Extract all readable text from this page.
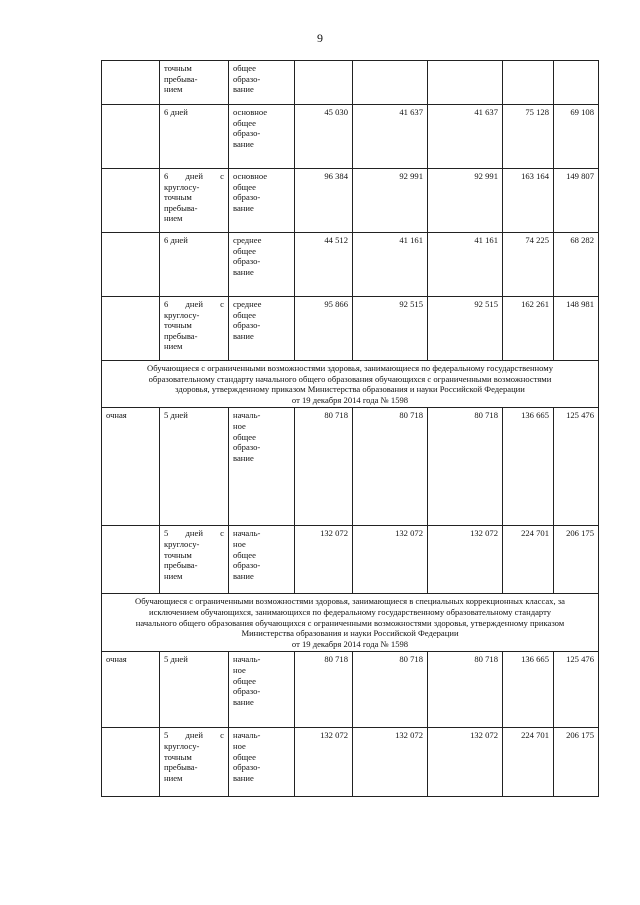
9

	точным
пребыва-
нием	общее
образо-
вание					

	6 дней	основное
общее
образо-
вание	45 030	41 637	41 637	75 128	69 108

	6 дней с
круглосу-
точным
пребыва-
нием	основное
общее
образо-
вание	96 384	92 991	92 991	163 164	149 807

	6 дней	среднее
общее
образо-
вание	44 512	41 161	41 161	74 225	68 282

	6 дней с
круглосу-
точным
пребыва-
нием	среднее
общее
образо-
вание	95 866	92 515	92 515	162 261	148 981

Обучающиеся с ограниченными возможностями здоровья, занимающиеся по федеральному государственному
образовательному стандарту начального общего образования обучающихся с ограниченными возможностями
здоровья, утвержденному приказом Министерства образования и науки Российской Федерации
от 19 декабря 2014 года № 1598							

очная	5 дней	началь-
ное
общее
образо-
вание	80 718	80 718	80 718	136 665	125 476

	5 дней с
круглосу-
точным
пребыва-
нием	началь-
ное
общее
образо-
вание	132 072	132 072	132 072	224 701	206 175

Обучающиеся с ограниченными возможностями здоровья, занимающиеся в специальных коррекционных классах, за
исключением обучающихся, занимающихся по федеральному государственному образовательному стандарту
начального общего образования обучающихся с ограниченными возможностями здоровья, утвержденному приказом
Министерства образования и науки Российской Федерации
от 19 декабря 2014 года № 1598							

очная	5 дней	началь-
ное
общее
образо-
вание	80 718	80 718	80 718	136 665	125 476

	5 дней с
круглосу-
точным
пребыва-
нием	началь-
ное
общее
образо-
вание	132 072	132 072	132 072	224 701	206 175
